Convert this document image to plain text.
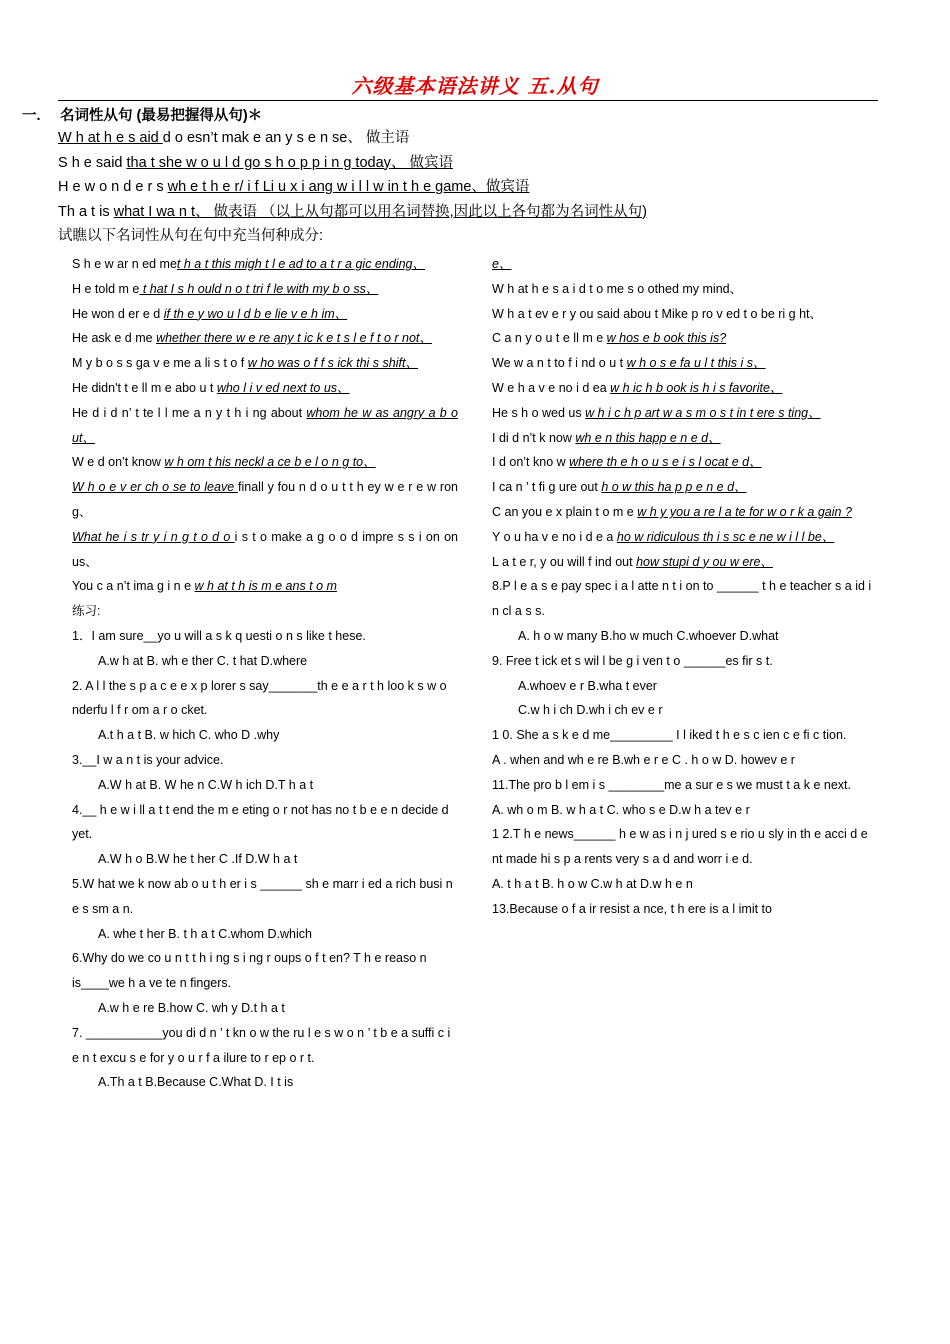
六级基本语法讲义 五.从句
一. 名词性从句 (最易把握得从句)＊
W h at h e s aid d o esn’t mak e an y s e n se、 做主语
S h e said tha t she w o u l d go s h o p p i n g today、 做宾语
H e w o n d e r s wh e t h e r/ i f Li u x i ang w i l l w in t h e game、做宾语
Th a t is what I wa n t、 做表语 （以上从句都可以用名词替换,因此以上各句都为名词性从句)
试瞧以下名词性从句在句中充当何种成分:

S h e w ar n ed met h a t this migh t l e ad to a t r a gic ending、

H e told m e t hat I s h ould n o t tri f le with my b o ss、

He won d er e d if th e y wo u l d b e lie v e h im、

He ask e d me whether there w e re any t ic k e t s l e f t o r not、

M y b o s s ga v e me a li s t o f w ho was o f f s ick thi s shift、

He didn't t e ll m e abo u t who l i v ed next to us、

He d i d n’ t te l l me a n y t h i ng about whom he w as angry a b o ut、

W e d on’t know w h om t his neckl a ce b e l o n g to、

W h o e v er ch o se to leave finall y fou n d o u t t h ey w e r e w ron g、

What he i s tr y i n g t o d o i s t o make a g o o d impre s s i on on us、

You c a n’t ima g i n e w h at t h is m e ans t o m

练习:

1．I am sure__yo u will a s k q uesti o n s like t hese.

A.w h at B. wh e ther C. t hat D.where

2. A l l the s p a c e e x p lorer s say_______th e e a r t h loo k s w o nderfu l f r om a r o cket.

A.t h a t B. w hich C. who D .why

3.__I w a n t is your advice.

A.W h at B. W he n C.W h ich D.T h a t

4.__ h e w i ll a t t end the m e eting o r not has no t b e e n decide d yet.

A.W h o B.W he t her C .If D.W h a t

5.W hat we k now ab o u t h er i s ______ sh e marr i ed a rich busi n e s sm a n.

A. whe t her B. t h a t C.whom D.which

6.Why do we co u n t t h i ng s i ng r oups o f t en? T h e reaso n is____we h a ve te n fingers.

A.w h e re B.how C. wh y D.t h a t

7. ___________you di d n ’ t kn o w the ru l e s w o n ’ t b e a suffi c i e n t excu s e for y o u r f a ilure to r ep o r t.

A.Th a t B.Because C.What D. I t is

e、

W h at h e s a i d t o me s o othed my mind、

W h a t ev e r y ou said abou t Mike p ro v ed t o be ri g ht、

C a n y o u t e ll m e w hos e b ook this is?

We w a n t to f i nd o u t w h o s e fa u l t this i s、

W e h a v e no i d ea w h ic h b ook is h i s favorite、

He s h o wed us w h i c h p art w a s m o s t in t ere s ting、

I di d n’t k now wh e n this happ e n e d、

I d on’t kno w where th e h o u s e i s l ocat e d、

I ca n ’ t fi g ure out h o w this ha p p e n e d、

C an you e x plain t o m e w h y you a re l a te for w o r k a gain ?

Y o u ha v e no i d e a ho w ridiculous th i s sc e ne w i l l be、

L a t e r, y ou will f ind out how stupi d y ou w ere、

8.P l e a s e pay spec i a l atte n t i on to ______ t h e teacher s a id i n cl a s s.

A. h o w many B.ho w much C.whoever D.what

9. Free t ick et s wil l be g i ven t o ______es fir s t.

A.whoev e r B.wha t ever

C.w h i ch D.wh i ch ev e r

1 0. She a s k e d me_________ I l iked t h e s c ien c e fi c tion.

A . when and wh e re B.wh e r e C . h o w D. howev e r

11.The pro b l em i s ________me a sur e s we must t a k e next.

A. wh o m B. w h a t C. who s e D.w h a tev e r

1 2.T h e news______ h e w as i n j ured s e rio u sly in th e acci d e nt made hi s p a rents very s a d and worr i e d.

A. t h a t B. h o w C.w h at D.w h e n

13.Because o f a ir resist a nce, t h ere is a l imit to
